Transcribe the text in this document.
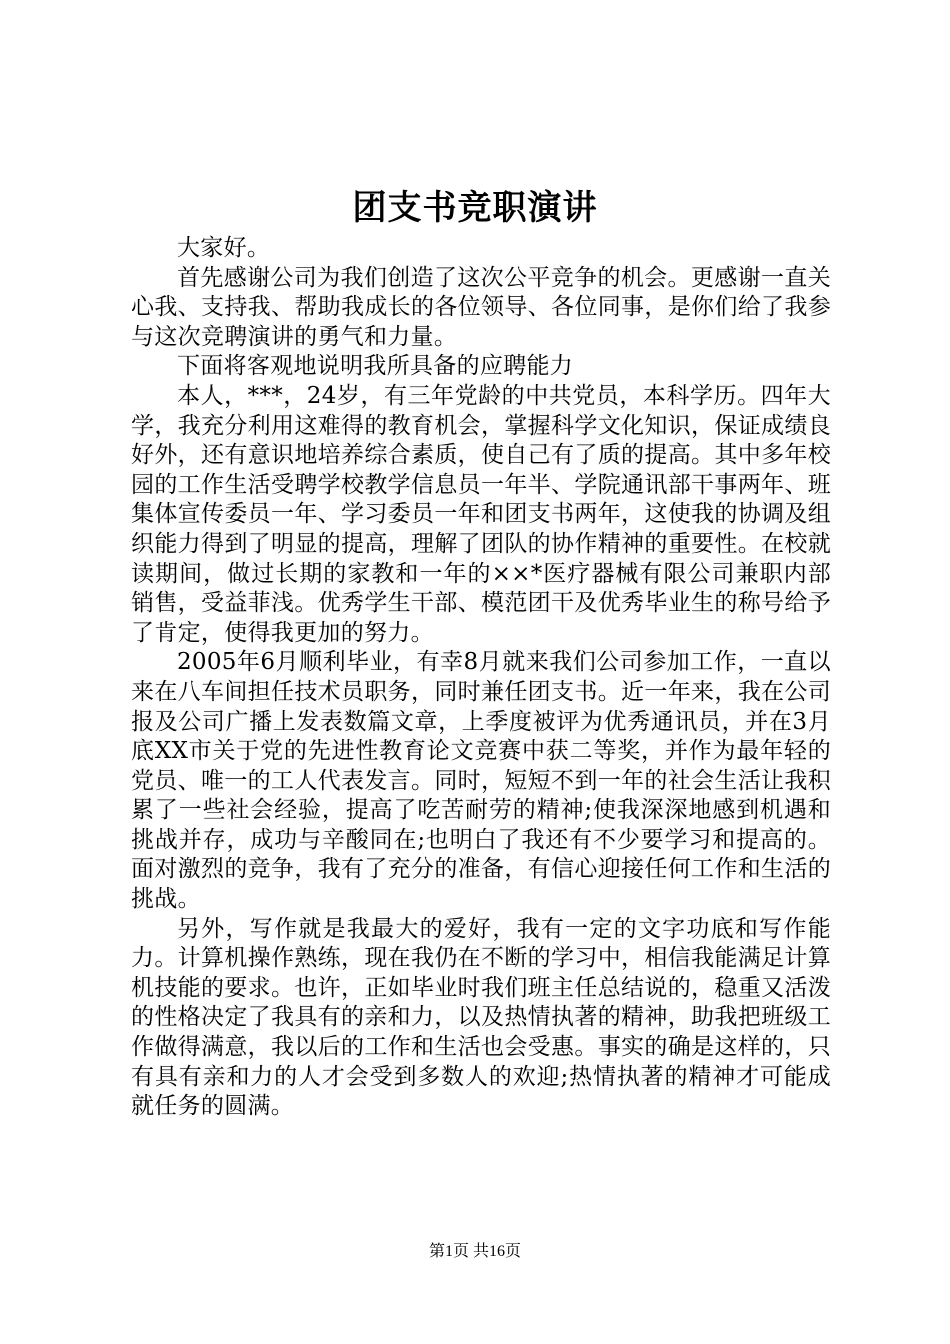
团支书竞职演讲

大家好。

首先感谢公司为我们创造了这次公平竞争的机会。更感谢一直关心我、支持我、帮助我成长的各位领导、各位同事，是你们给了我参与这次竞聘演讲的勇气和力量。

下面将客观地说明我所具备的应聘能力

本人，***，24岁，有三年党龄的中共党员，本科学历。四年大学，我充分利用这难得的教育机会，掌握科学文化知识，保证成绩良好外，还有意识地培养综合素质，使自己有了质的提高。其中多年校园的工作生活受聘学校教学信息员一年半、学院通讯部干事两年、班集体宣传委员一年、学习委员一年和团支书两年，这使我的协调及组织能力得到了明显的提高，理解了团队的协作精神的重要性。在校就读期间，做过长期的家教和一年的××*医疗器械有限公司兼职内部销售，受益菲浅。优秀学生干部、模范团干及优秀毕业生的称号给予了肯定，使得我更加的努力。

2005年6月顺利毕业，有幸8月就来我们公司参加工作，一直以来在八车间担任技术员职务，同时兼任团支书。近一年来，我在公司报及公司广播上发表数篇文章，上季度被评为优秀通讯员，并在3月底XX市关于党的先进性教育论文竞赛中获二等奖，并作为最年轻的党员、唯一的工人代表发言。同时，短短不到一年的社会生活让我积累了一些社会经验，提高了吃苦耐劳的精神;使我深深地感到机遇和挑战并存，成功与辛酸同在;也明白了我还有不少要学习和提高的。面对激烈的竞争，我有了充分的准备，有信心迎接任何工作和生活的挑战。

另外，写作就是我最大的爱好，我有一定的文字功底和写作能力。计算机操作熟练，现在我仍在不断的学习中，相信我能满足计算机技能的要求。也许，正如毕业时我们班主任总结说的，稳重又活泼的性格决定了我具有的亲和力，以及热情执著的精神，助我把班级工作做得满意，我以后的工作和生活也会受惠。事实的确是这样的，只有具有亲和力的人才会受到多数人的欢迎;热情执著的精神才可能成就任务的圆满。

第1页 共16页
